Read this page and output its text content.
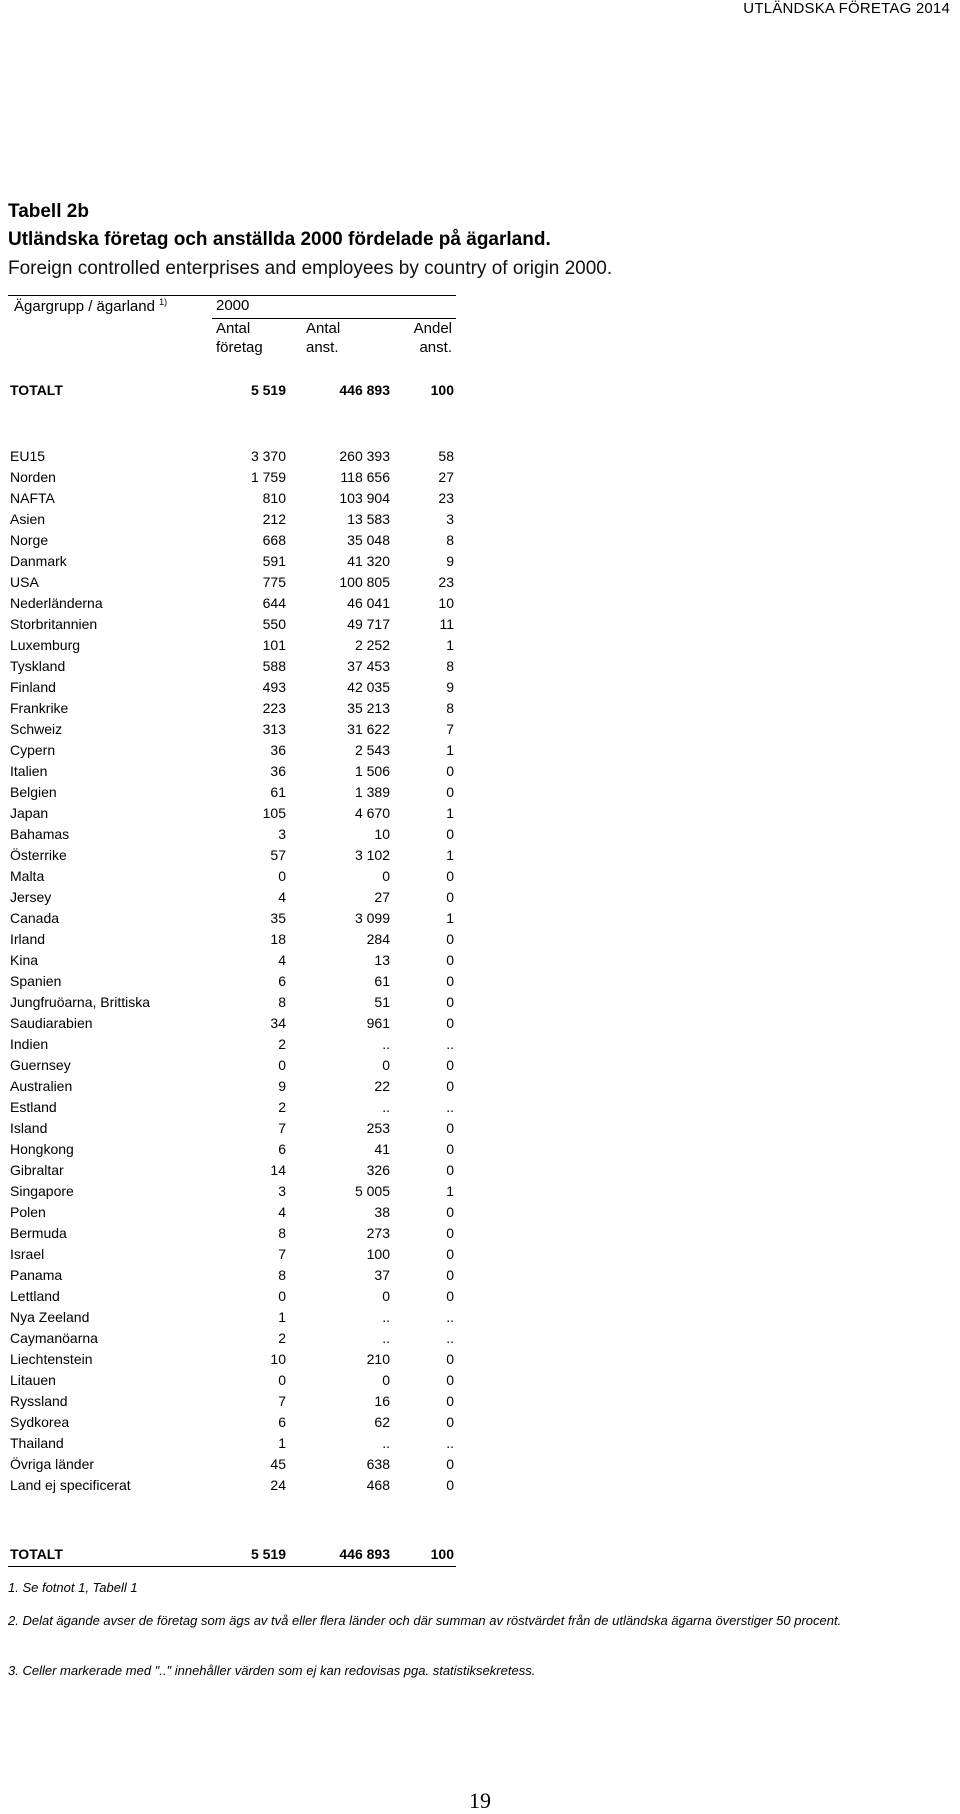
UTLÄNDSKA FÖRETAG 2014
Tabell 2b
Utländska företag och anställda 2000 fördelade på ägarland.
Foreign controlled enterprises and employees by country of origin 2000.
Ägargrupp / ägarland $^{1)}$	2000
Antal
företag
Antal
anst.
Andel
anst.
TOTALT	5 519	446 893	100
EU15	3 370	260 393	58
Norden	1 759	118 656	27
NAFTA	810	103 904	23
Asien	212	13 583	3
Norge	668	35 048	8
Danmark	591	41 320	9
USA	775	100 805	23
Nederländerna	644	46 041	10
Storbritannien	550	49 717	11
Luxemburg	101	2 252	1
Tyskland	588	37 453	8
Finland	493	42 035	9
Frankrike	223	35 213	8
Schweiz	313	31 622	7
Cypern	36	2 543	1
Italien	36	1 506	0
Belgien	61	1 389	0
Japan	105	4 670	1
Bahamas	3	10	0
Österrike	57	3 102	1
Malta	0	0	0
Jersey	4	27	0
Canada	35	3 099	1
Irland	18	284	0
Kina	4	13	0
Spanien	6	61	0
Jungfruöarna, Brittiska	8	51	0
Saudiarabien	34	961	0
Indien	2	..	..
Guernsey	0	0	0
Australien	9	22	0
Estland	2	..	..
Island	7	253	0
Hongkong	6	41	0
Gibraltar	14	326	0
Singapore	3	5 005	1
Polen	4	38	0
Bermuda	8	273	0
Israel	7	100	0
Panama	8	37	0
Lettland	0	0	0
Nya Zeeland	1	..	..
Caymanöarna	2	..	..
Liechtenstein	10	210	0
Litauen	0	0	0
Ryssland	7	16	0
Sydkorea	6	62	0
Thailand	1	..	..
Övriga länder	45	638	0
Land ej specificerat	24	468	0
TOTALT	5 519	446 893	100
1. Se fotnot 1, Tabell 1
2. Delat ägande avser de företag som ägs av två eller flera länder och där summan av röstvärdet från de utländska ägarna överstiger 50 procent.
3. Celler markerade med ".." innehåller värden som ej kan redovisas pga. statistiksekretess.
19
